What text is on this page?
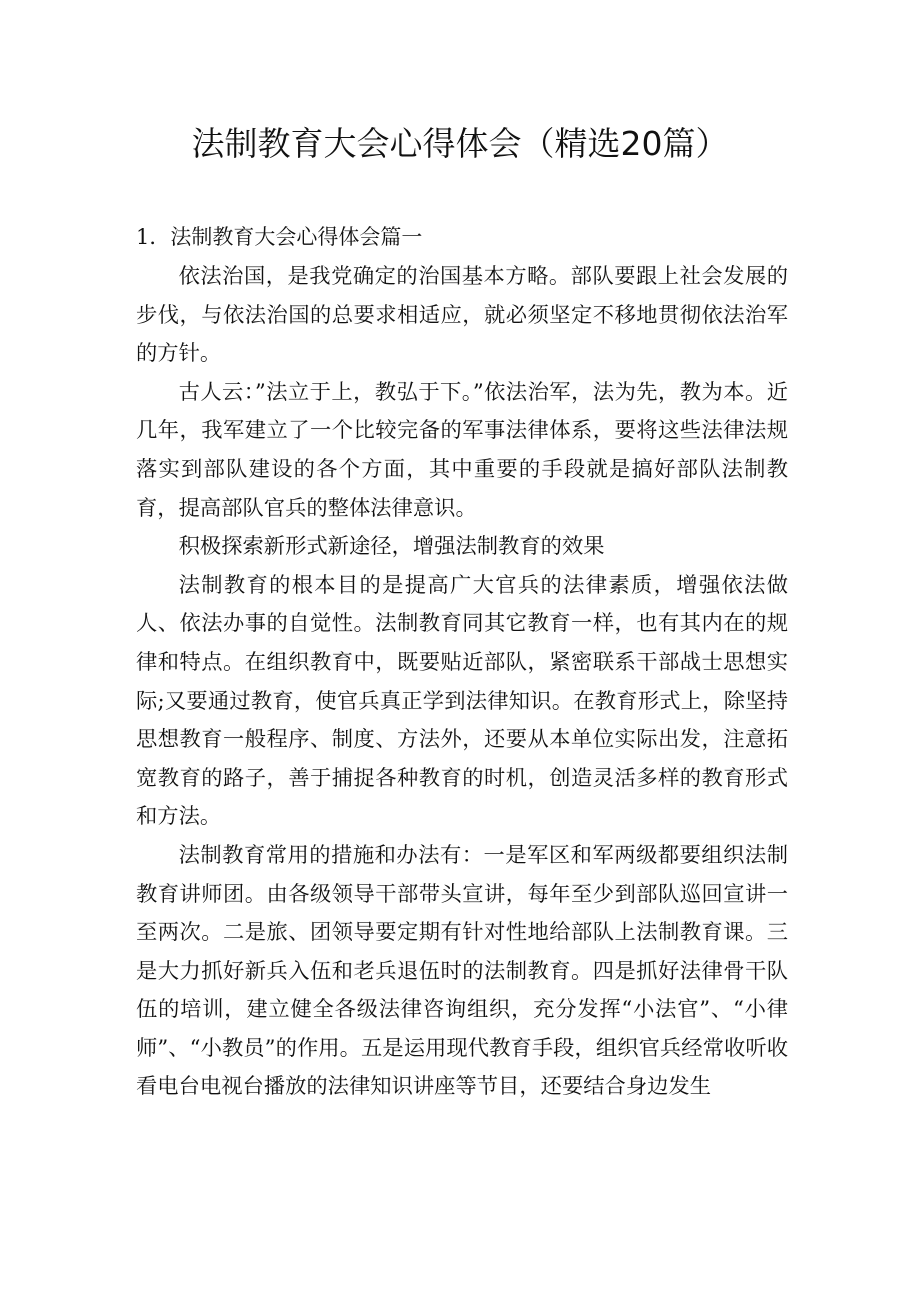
法制教育大会心得体会（精选20篇）
1．法制教育大会心得体会篇一

依法治国，是我党确定的治国基本方略。部队要跟上社会发展的步伐，与依法治国的总要求相适应，就必须坚定不移地贯彻依法治军的方针。

古人云：”法立于上，教弘于下。”依法治军，法为先，教为本。近几年，我军建立了一个比较完备的军事法律体系，要将这些法律法规落实到部队建设的各个方面，其中重要的手段就是搞好部队法制教育，提高部队官兵的整体法律意识。

积极探索新形式新途径，增强法制教育的效果

法制教育的根本目的是提高广大官兵的法律素质，增强依法做人、依法办事的自觉性。法制教育同其它教育一样，也有其内在的规律和特点。在组织教育中，既要贴近部队，紧密联系干部战士思想实际;又要通过教育，使官兵真正学到法律知识。在教育形式上，除坚持思想教育一般程序、制度、方法外，还要从本单位实际出发，注意拓宽教育的路子，善于捕捉各种教育的时机，创造灵活多样的教育形式和方法。

法制教育常用的措施和办法有：一是军区和军两级都要组织法制教育讲师团。由各级领导干部带头宣讲，每年至少到部队巡回宣讲一至两次。二是旅、团领导要定期有针对性地给部队上法制教育课。三是大力抓好新兵入伍和老兵退伍时的法制教育。四是抓好法律骨干队伍的培训，建立健全各级法律咨询组织，充分发挥“小法官”、“小律师”、“小教员”的作用。五是运用现代教育手段，组织官兵经常收听收看电台电视台播放的法律知识讲座等节目，还要结合身边发生
